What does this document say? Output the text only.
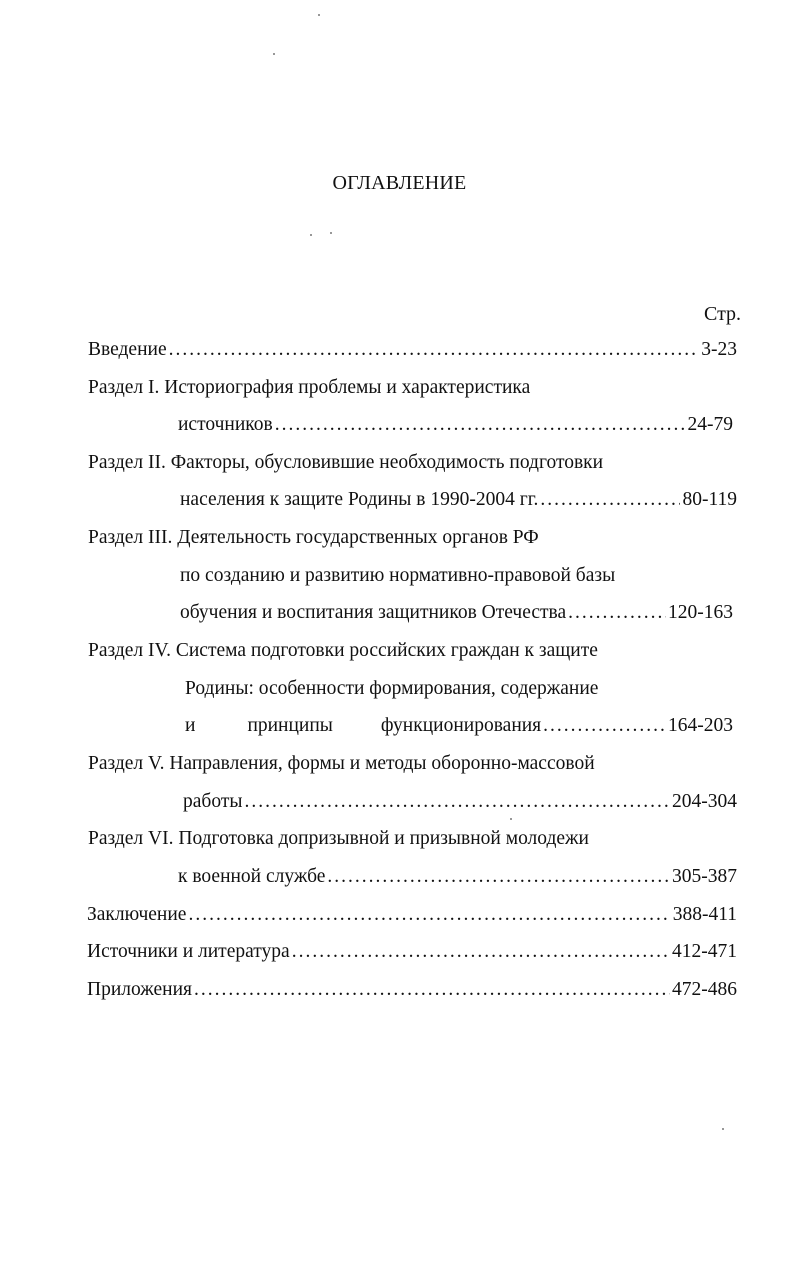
ОГЛАВЛЕНИЕ
Стр.
Введение .....	3-23
Раздел I. Историография проблемы и характеристика
источников .....	24-79
Раздел II. Факторы, обусловившие необходимость подготовки
населения к защите Родины в 1990-2004 гг. .....	80-119
Раздел III. Деятельность государственных органов РФ
по созданию и развитию нормативно-правовой базы
обучения и воспитания защитников Отечества .....	120-163
Раздел IV. Система подготовки российских граждан к защите
Родины: особенности формирования, содержание
и	принципы функционирования .....	164-203
Раздел V. Направления, формы и методы оборонно-массовой
работы .....	204-304
Раздел VI. Подготовка допризывной и призывной молодежи
к военной службе .....	305-387
Заключение .....	388-411
Источники и литература .....	412-471
Приложения .....	472-486
